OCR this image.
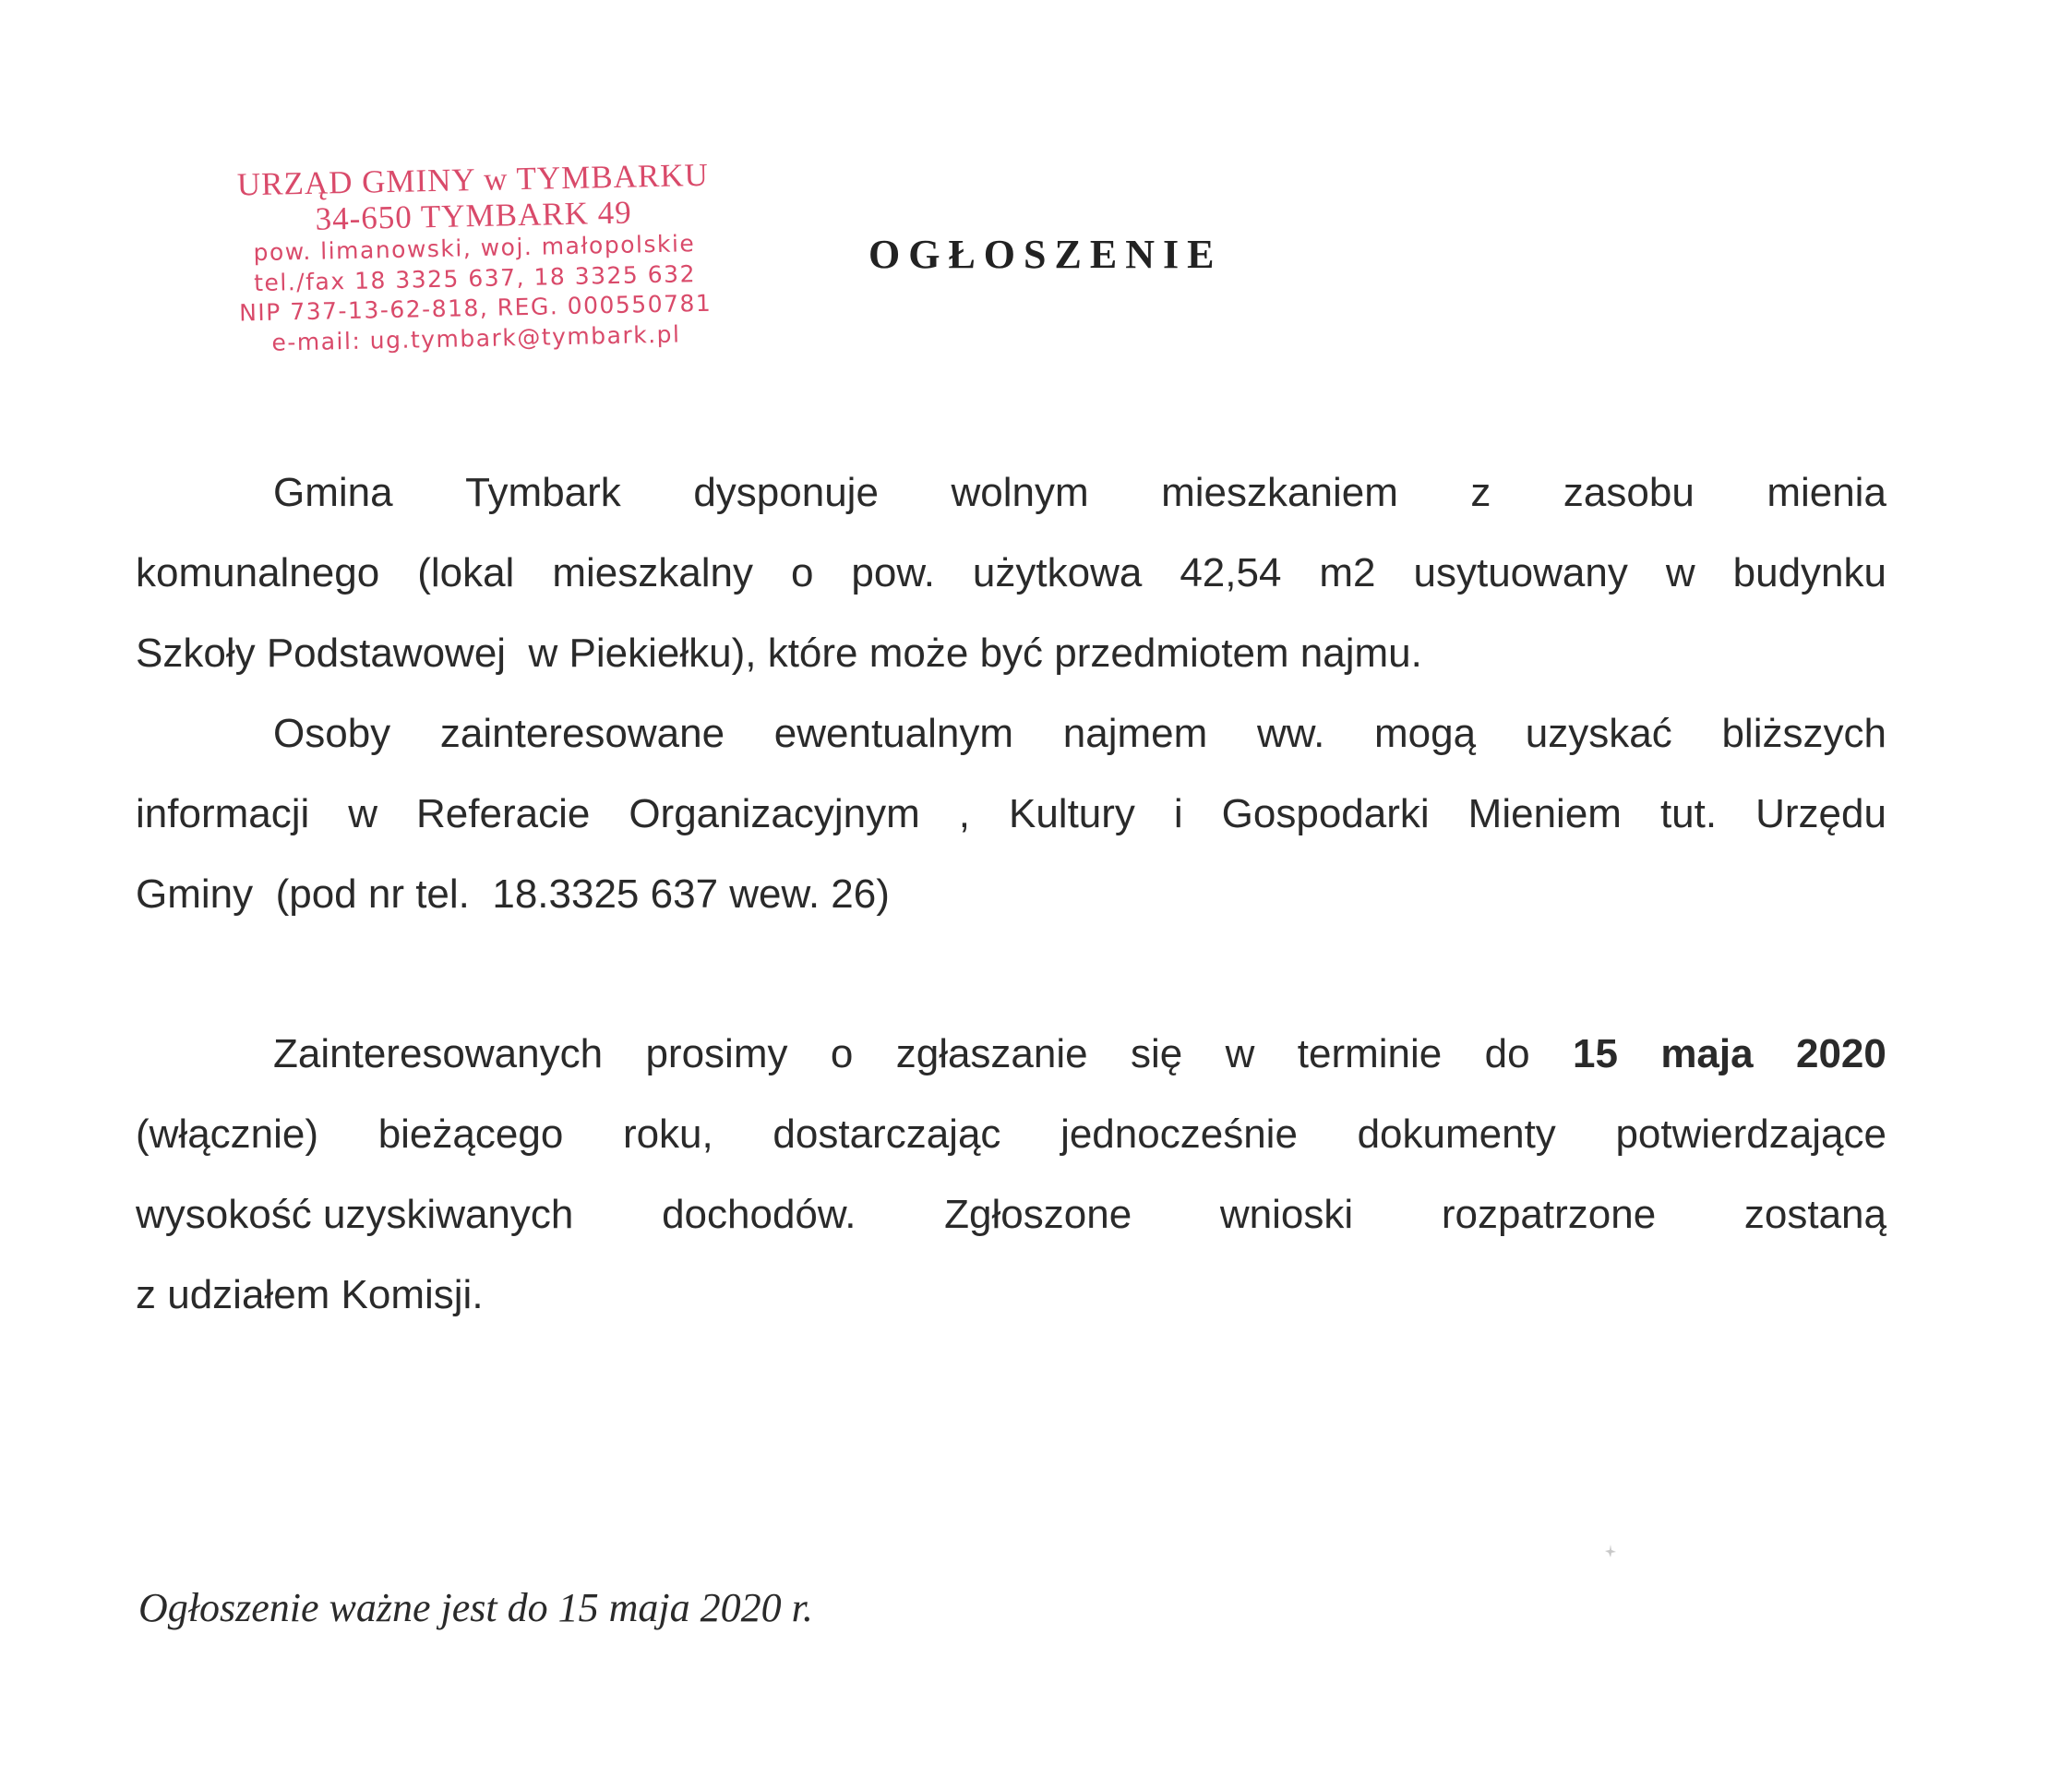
URZĄD GMINY w TYMBARKU
34-650 TYMBARK 49
pow. limanowski, woj. małopolskie
tel./fax 18 3325 637, 18 3325 632
NIP 737-13-62-818, REG. 000550781
e-mail: ug.tymbark@tymbark.pl
OGŁOSZENIE
Gmina Tymbark dysponuje wolnym mieszkaniem z zasobu mienia
komunalnego (lokal mieszkalny o pow. użytkowa 42,54 m2 usytuowany w budynku
Szkoły Podstawowej  w Piekiełku), które może być przedmiotem najmu.
Osoby zainteresowane ewentualnym najmem ww. mogą uzyskać bliższych
informacji w Referacie Organizacyjnym , Kultury i Gospodarki Mieniem tut. Urzędu
Gminy  (pod nr tel.  18.3325 637 wew. 26)
Zainteresowanych prosimy o zgłaszanie się w terminie do 15 maja 2020
(włącznie) bieżącego roku, dostarczając jednocześnie dokumenty potwierdzające
wysokość uzyskiwanych dochodów. Zgłoszone wnioski rozpatrzone zostaną
z udziałem Komisji.
Ogłoszenie ważne jest do 15 maja 2020 r.
